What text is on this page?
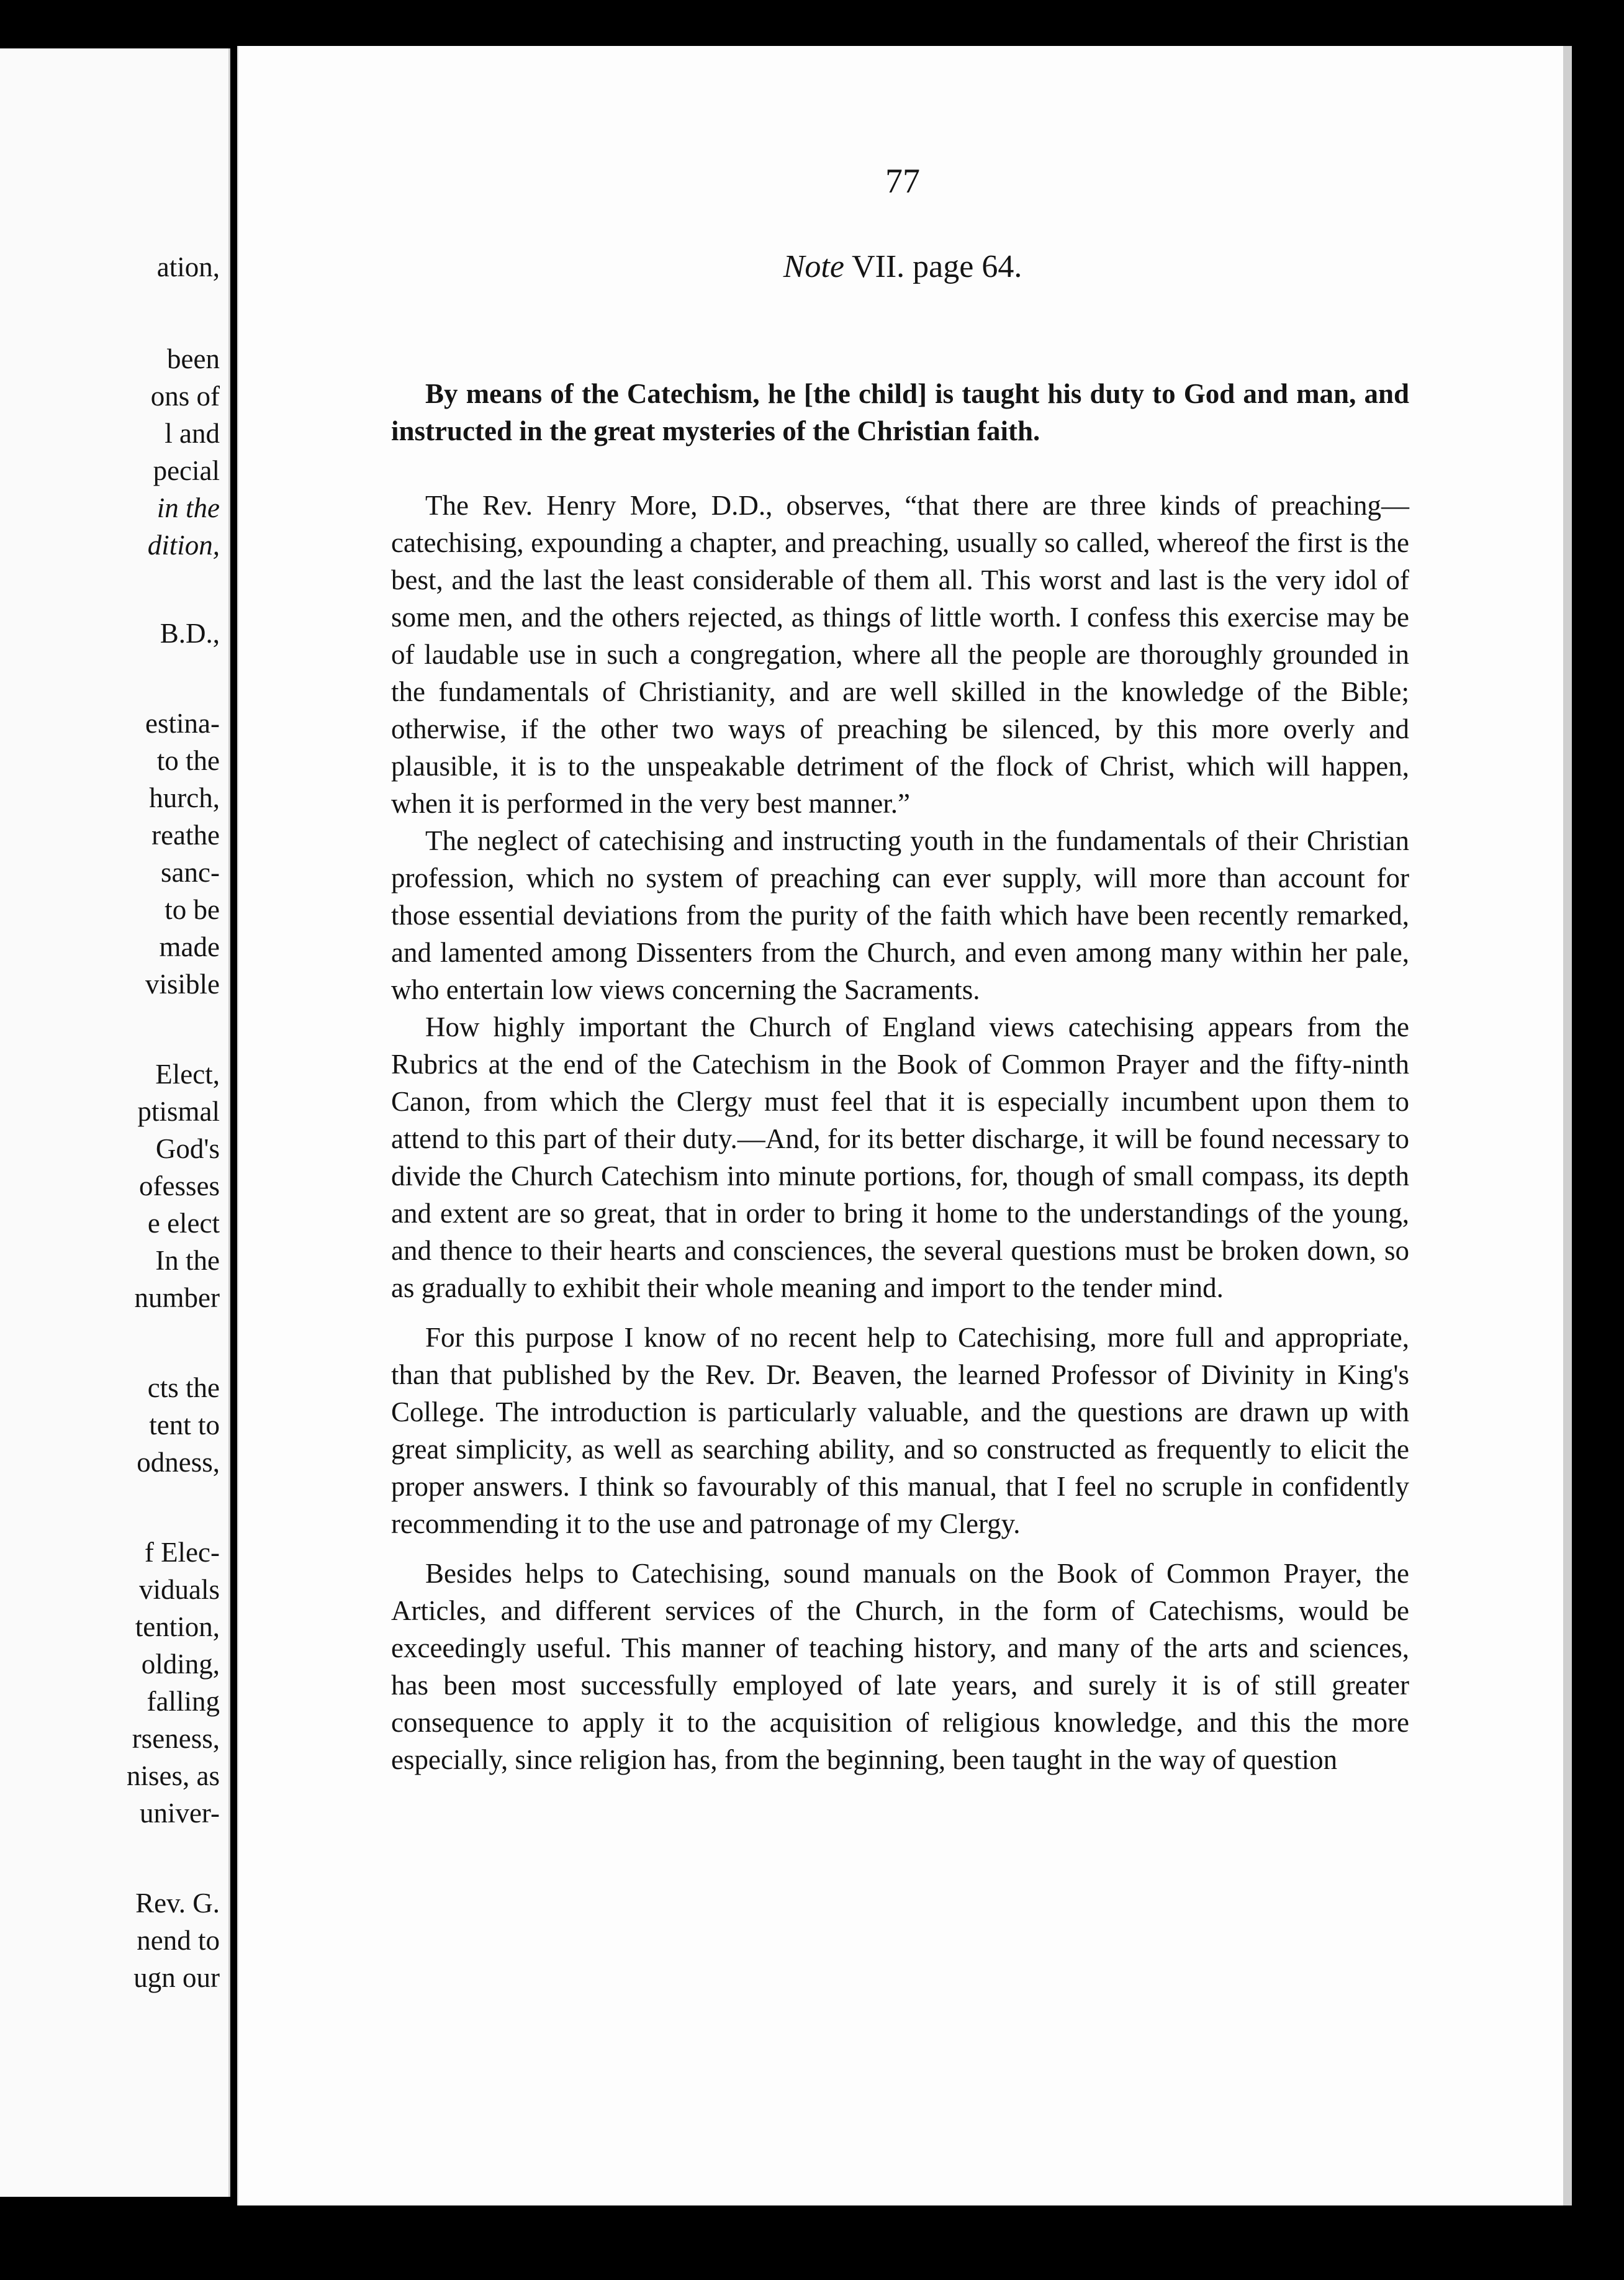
ation,

been

ons of

l and

pecial

in the

dition,

B.D.,

estina-

to the

hurch,

reathe

sanc-

to be

made

visible

Elect,

ptismal

God's

ofesses

e elect

In the

number

cts the

tent to

odness,

f Elec-

viduals

tention,

olding,

falling

rseness,

nises, as

univer-

Rev. G.

nend to

ugn our

77

Note VII. page 64.

By means of the Catechism, he [the child] is taught his duty to God and man, and instructed in the great mysteries of the Christian faith.

The Rev. Henry More, D.D., observes, “that there are three kinds of preaching—catechising, expounding a chapter, and preaching, usually so called, whereof the first is the best, and the last the least considerable of them all. This worst and last is the very idol of some men, and the others rejected, as things of little worth. I confess this exercise may be of laudable use in such a congregation, where all the people are thoroughly grounded in the fundamentals of Christianity, and are well skilled in the knowledge of the Bible; otherwise, if the other two ways of preaching be silenced, by this more overly and plausible, it is to the unspeakable detriment of the flock of Christ, which will happen, when it is performed in the very best manner.”

The neglect of catechising and instructing youth in the fundamentals of their Christian profession, which no system of preaching can ever supply, will more than account for those essential deviations from the purity of the faith which have been recently remarked, and lamented among Dissenters from the Church, and even among many within her pale, who entertain low views concerning the Sacraments.

How highly important the Church of England views catechising appears from the Rubrics at the end of the Catechism in the Book of Common Prayer and the fifty-ninth Canon, from which the Clergy must feel that it is especially incumbent upon them to attend to this part of their duty.—And, for its better discharge, it will be found necessary to divide the Church Catechism into minute portions, for, though of small compass, its depth and extent are so great, that in order to bring it home to the understandings of the young, and thence to their hearts and consciences, the several questions must be broken down, so as gradually to exhibit their whole meaning and import to the tender mind.

For this purpose I know of no recent help to Catechising, more full and appropriate, than that published by the Rev. Dr. Beaven, the learned Professor of Divinity in King's College. The introduction is particularly valuable, and the questions are drawn up with great simplicity, as well as searching ability, and so constructed as frequently to elicit the proper answers. I think so favourably of this manual, that I feel no scruple in confidently recommending it to the use and patronage of my Clergy.

Besides helps to Catechising, sound manuals on the Book of Common Prayer, the Articles, and different services of the Church, in the form of Catechisms, would be exceedingly useful. This manner of teaching history, and many of the arts and sciences, has been most successfully employed of late years, and surely it is of still greater consequence to apply it to the acquisition of religious knowledge, and this the more especially, since religion has, from the beginning, been taught in the way of question
